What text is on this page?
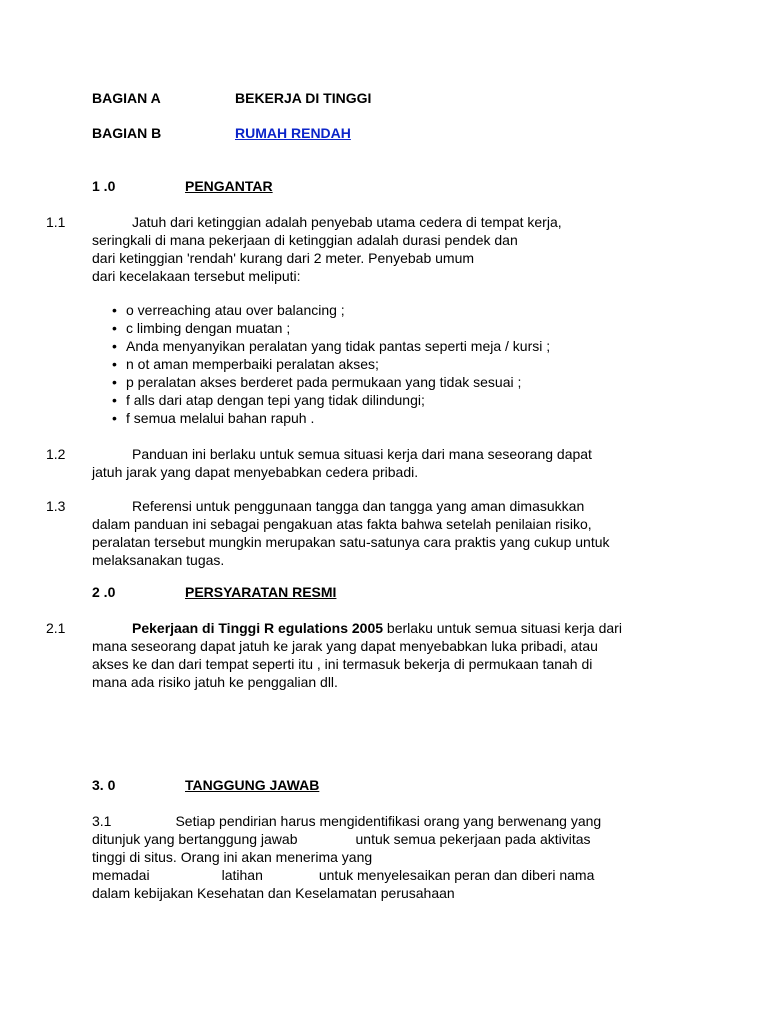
BAGIAN A	BEKERJA DI TINGGI
BAGIAN B	RUMAH RENDAH
1 .0	PENGANTAR
1.1	Jatuh dari ketinggian adalah penyebab utama cedera di tempat kerja,
seringkali di mana pekerjaan di ketinggian adalah durasi pendek dan
dari ketinggian 'rendah' kurang dari 2 meter. Penyebab umum
dari kecelakaan tersebut meliputi:
• o verreaching atau over balancing ;
• c limbing dengan muatan ;
• Anda menyanyikan peralatan yang tidak pantas seperti meja / kursi ;
• n ot aman memperbaiki peralatan akses;
• p peralatan akses berderet pada permukaan yang tidak sesuai ;
• f alls dari atap dengan tepi yang tidak dilindungi;
• f semua melalui bahan rapuh .
1.2	Panduan ini berlaku untuk semua situasi kerja dari mana seseorang dapat
jatuh jarak yang dapat menyebabkan cedera pribadi.
1.3	Referensi untuk penggunaan tangga dan tangga yang aman dimasukkan
dalam panduan ini sebagai pengakuan atas fakta bahwa setelah penilaian risiko,
peralatan tersebut mungkin merupakan satu-satunya cara praktis yang cukup untuk
melaksanakan tugas.
2 .0	PERSYARATAN RESMI
2.1	Pekerjaan di Tinggi R egulations 2005 berlaku untuk semua situasi kerja dari
mana seseorang dapat jatuh ke jarak yang dapat menyebabkan luka pribadi, atau
akses ke dan dari tempat seperti itu , ini termasuk bekerja di permukaan tanah di
mana ada risiko jatuh ke penggalian dll.
3. 0	TANGGUNG JAWAB
3.1	Setiap pendirian harus mengidentifikasi orang yang berwenang yang
ditunjuk yang bertanggung jawab	untuk semua pekerjaan pada aktivitas
tinggi di situs. Orang ini akan menerima yang
memadai	latihan	untuk menyelesaikan peran dan diberi nama
dalam kebijakan Kesehatan dan Keselamatan perusahaan
